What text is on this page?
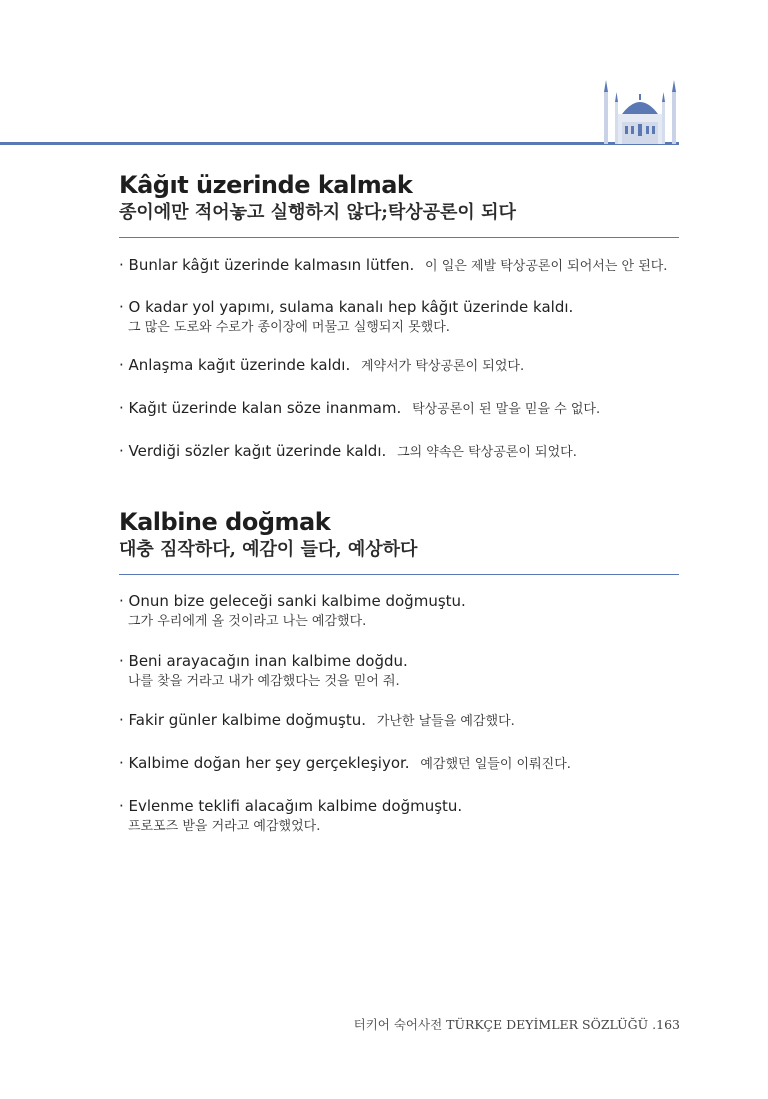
Kâğıt üzerinde kalmak
종이에만 적어놓고 실행하지 않다;탁상공론이 되다
· Bunlar kâğıt üzerinde kalmasın lütfen. 이 일은 제발 탁상공론이 되어서는 안 된다.
· O kadar yol yapımı, sulama kanalı hep kâğıt üzerinde kaldı.
그 많은 도로와 수로가 종이장에 머물고 실행되지 못했다.
· Anlaşma kağıt üzerinde kaldı. 계약서가 탁상공론이 되었다.
· Kağıt üzerinde kalan söze inanmam. 탁상공론이 된 말을 믿을 수 없다.
· Verdiği sözler kağıt üzerinde kaldı. 그의 약속은 탁상공론이 되었다.
Kalbine doğmak
대충 짐작하다, 예감이 들다, 예상하다
· Onun bize geleceği sanki kalbime doğmuştu.
그가 우리에게 올 것이라고 나는 예감했다.
· Beni arayacağın inan kalbime doğdu.
나를 찾을 거라고 내가 예감했다는 것을 믿어 줘.
· Fakir günler kalbime doğmuştu. 가난한 날들을 예감했다.
· Kalbime doğan her şey gerçekleşiyor. 예감했던 일들이 이뤄진다.
· Evlenme teklifi alacağım kalbime doğmuştu.
프로포즈 받을 거라고 예감했었다.
터키어 숙어사전 TÜRKÇE DEYİMLER SÖZLÜĞÜ .163
